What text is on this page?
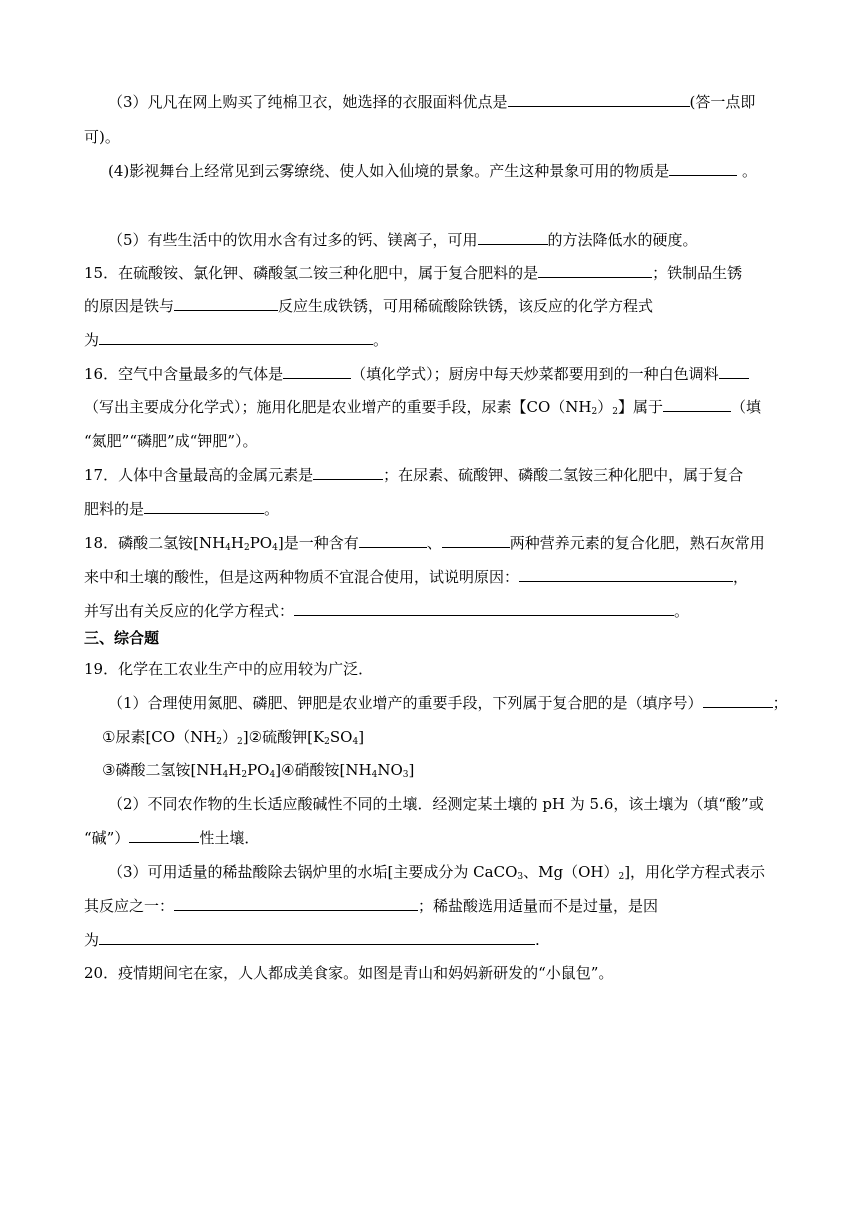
（3）凡凡在网上购买了纯棉卫衣，她选择的衣服面料优点是	(答一点即
可)。
(4)影视舞台上经常见到云雾缭绕、使人如入仙境的景象。产生这种景象可用的物质是	。
（5）有些生活中的饮用水含有过多的钙、镁离子，可用	的方法降低水的硬度。
15．在硫酸铵、氯化钾、磷酸氢二铵三种化肥中，属于复合肥料的是	；铁制品生锈
的原因是铁与	反应生成铁锈，可用稀硫酸除铁锈，该反应的化学方程式
为	。
16．空气中含量最多的气体是	（填化学式）；厨房中每天炒菜都要用到的一种白色调料
（写出主要成分化学式）；施用化肥是农业增产的重要手段，尿素【$CO(NH_2)_2$】属于	（填
“氮肥”“磷肥”成“钾肥”）。
17．人体中含量最高的金属元素是	；在尿素、硫酸钾、磷酸二氢铵三种化肥中，属于复合
肥料的是	。
18．磷酸二氢铵$[NH_4H_2PO_4]$是一种含有	、	两种营养元素的复合化肥，熟石灰常用
来中和土壤的酸性，但是这两种物质不宜混合使用，试说明原因：	，
并写出有关反应的化学方程式：	。
三、综合题
19．化学在工农业生产中的应用较为广泛．
（1）合理使用氮肥、磷肥、钾肥是农业增产的重要手段，下列属于复合肥的是（填序号）	；
①尿素$[CO(NH_2)_2]②$硫酸钾$[K_2SO_4]$
③磷酸二氢铵$[NH_4H_2PO_4]④$硝酸铵$[NH_4NO_3]$
（2）不同农作物的生长适应酸碱性不同的土壤．经测定某土壤的 pH 为 5.6，该土壤为（填“酸”或
“碱”）	性土壤．
（3）可用适量的稀盐酸除去锅炉里的水垢[主要成分为 CaCO$_3$、$Mg(OH)_2$]，用化学方程式表示
其反应之一：	；稀盐酸选用适量而不是过量，是因
为	.
20．疫情期间宅在家，人人都成美食家。如图是青山和妈妈新研发的“小鼠包”。
